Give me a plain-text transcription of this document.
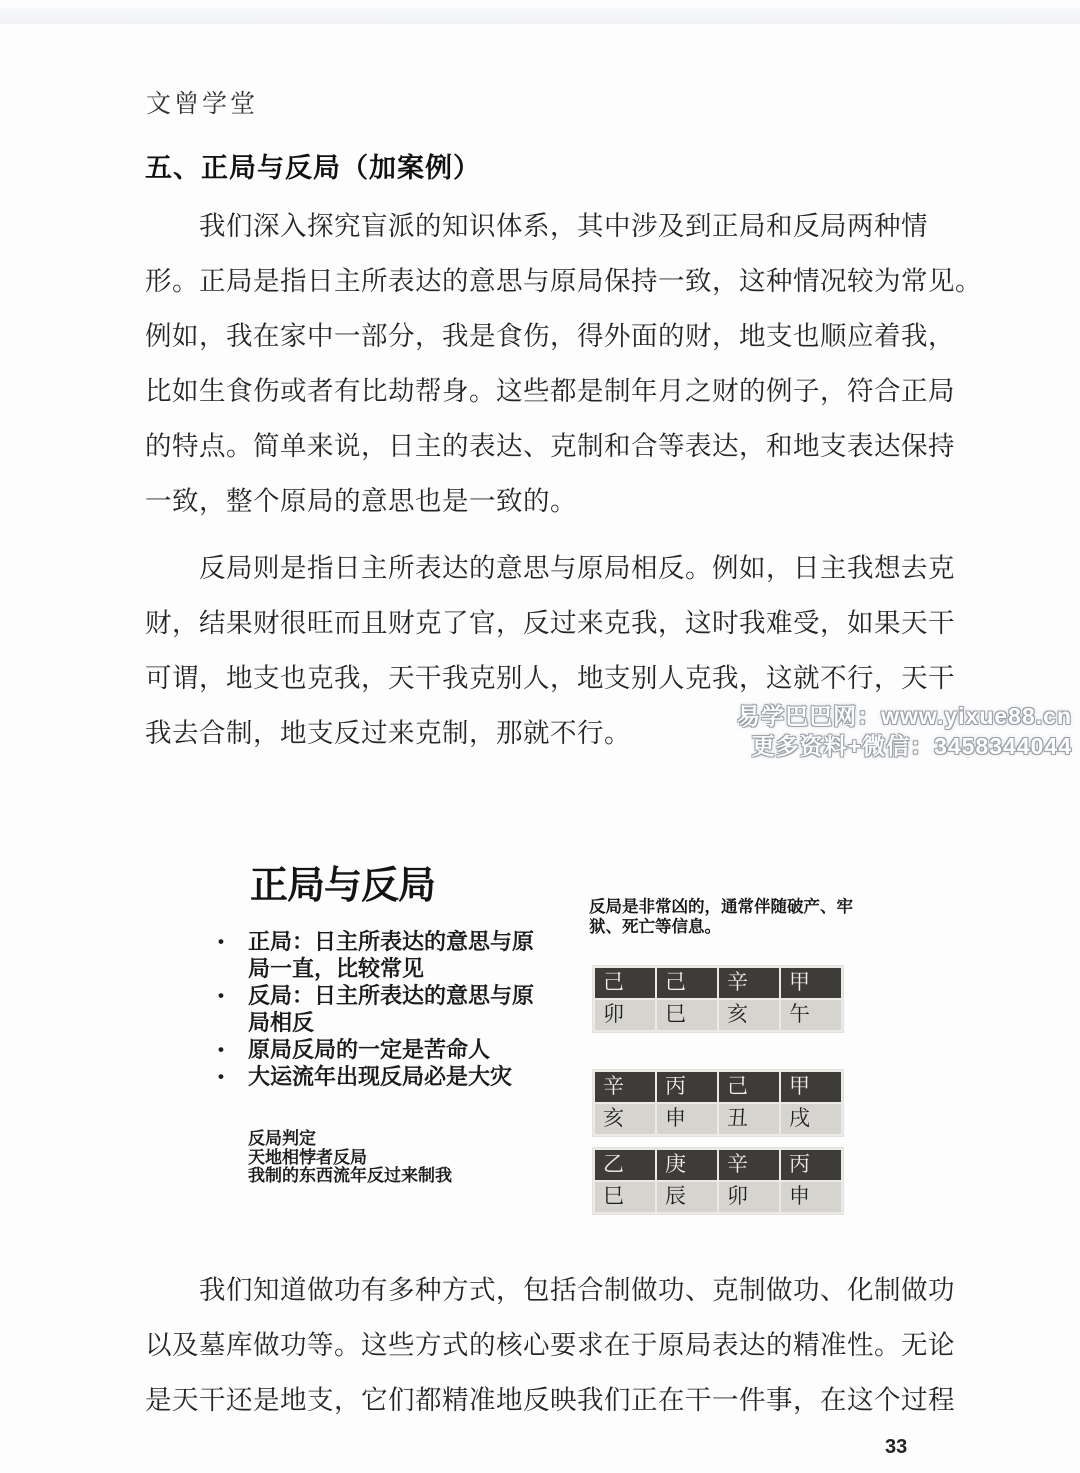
文曾学堂
五、正局与反局（加案例）
我们深入探究盲派的知识体系，其中涉及到正局和反局两种情
形。正局是指日主所表达的意思与原局保持一致，这种情况较为常见。
例如，我在家中一部分，我是食伤，得外面的财，地支也顺应着我，
比如生食伤或者有比劫帮身。这些都是制年月之财的例子，符合正局
的特点。简单来说，日主的表达、克制和合等表达，和地支表达保持
一致，整个原局的意思也是一致的。
反局则是指日主所表达的意思与原局相反。例如，日主我想去克
财，结果财很旺而且财克了官，反过来克我，这时我难受，如果天干
可谓，地支也克我，天干我克别人，地支别人克我，这就不行，天干
我去合制，地支反过来克制，那就不行。
易学巴巴网：www.yixue88.cn
更多资料+微信：3458344044
正局与反局
•	正局：日主所表达的意思与原
局一直，比较常见
•	反局：日主所表达的意思与原
局相反
•	原局反局的一定是苦命人
•	大运流年出现反局必是大灾
反局判定
天地相悖者反局
我制的东西流年反过来制我
反局是非常凶的，通常伴随破产、牢
狱、死亡等信息。
己	己	辛	甲
卯	巳	亥	午
辛	丙	己	甲
亥	申	丑	戌
乙	庚	辛	丙
巳	辰	卯	申
我们知道做功有多种方式，包括合制做功、克制做功、化制做功
以及墓库做功等。这些方式的核心要求在于原局表达的精准性。无论
是天干还是地支，它们都精准地反映我们正在干一件事，在这个过程
33
